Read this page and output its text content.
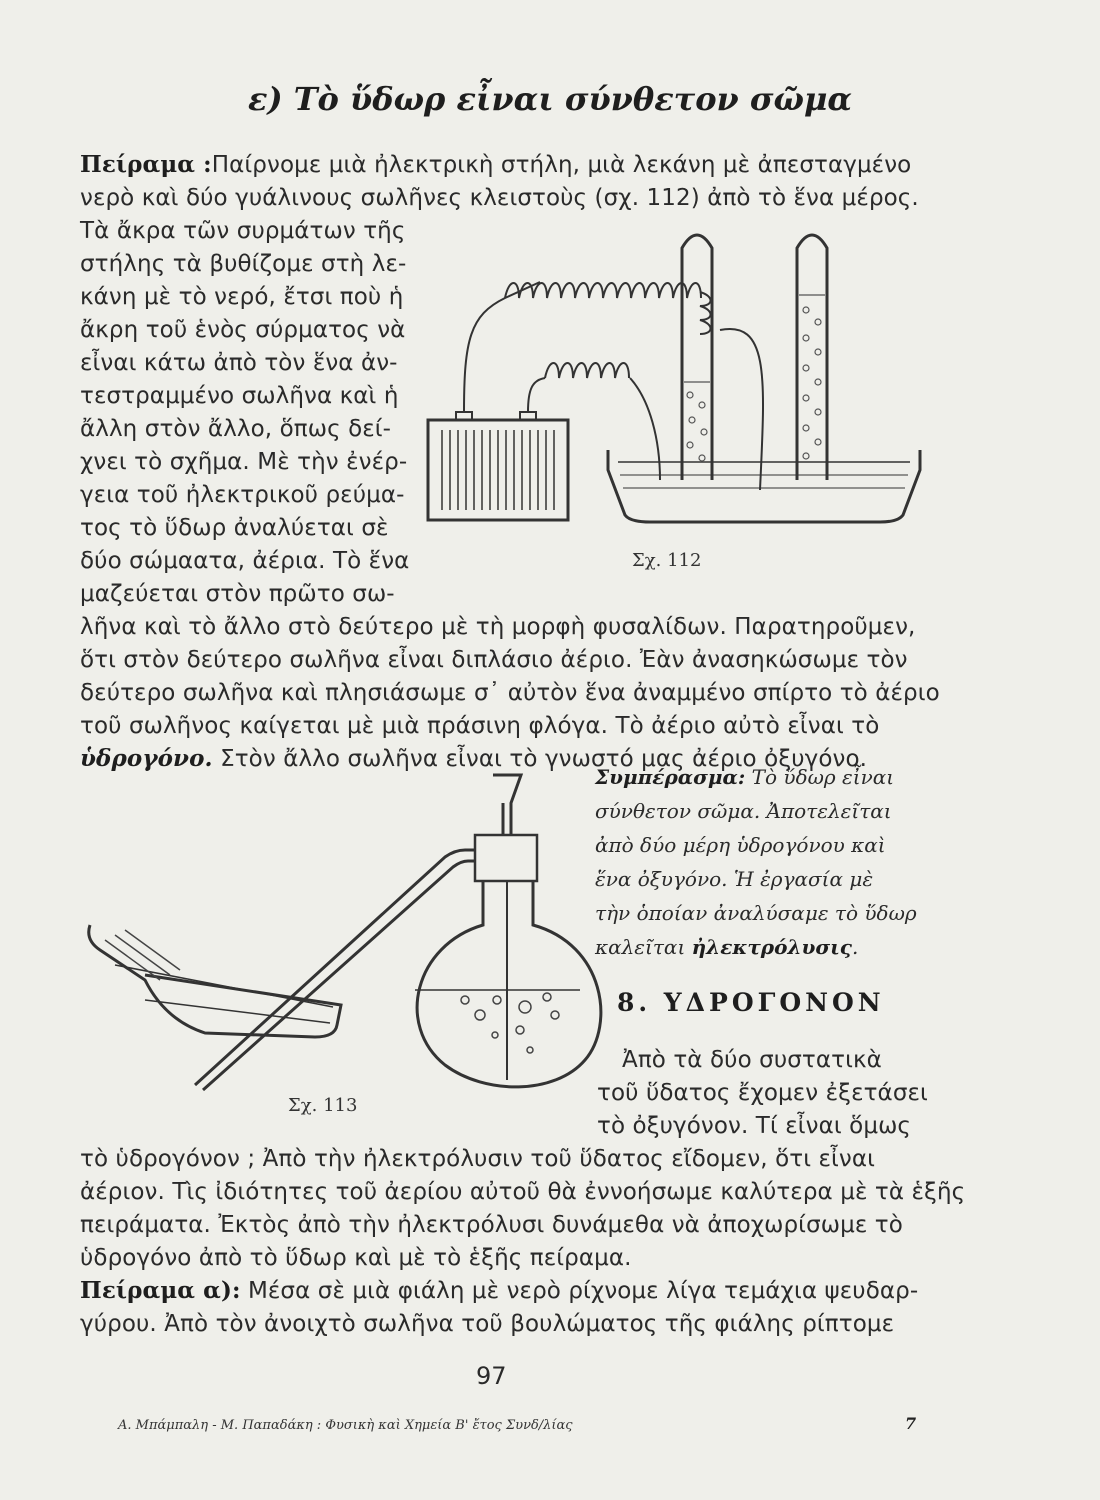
ε) Τὸ ὕδωρ εἶναι σύνθετον σῶμα
Πείραμα :Παίρνομε μιὰ ἠλεκτρικὴ στήλη, μιὰ λεκάνη μὲ ἀπεσταγμένο
νερὸ καὶ δύο γυάλινους σωλῆνες κλειστοὺς (σχ. 112) ἀπὸ τὸ ἕνα μέρος.
Τὰ ἄκρα τῶν συρμάτων τῆς
στήλης τὰ βυθίζομε στὴ λε-
κάνη μὲ τὸ νερό, ἔτσι ποὺ ἡ
ἄκρη τοῦ ἑνὸς σύρματος νὰ
εἶναι κάτω ἀπὸ τὸν ἕνα ἀν-
τεστραμμένο σωλῆνα καὶ ἡ
ἄλλη στὸν ἄλλο, ὅπως δεί-
χνει τὸ σχῆμα. Μὲ τὴν ἐνέρ-
γεια τοῦ ἠλεκτρικοῦ ρεύμα-
τος τὸ ὕδωρ ἀναλύεται σὲ
δύο σώμαατα, ἀέρια. Τὸ ἕνα
μαζεύεται στὸν πρῶτο σω-
λῆνα καὶ τὸ ἄλλο στὸ δεύτερο μὲ τὴ μορφὴ φυσαλίδων. Παρατηροῦμεν,
ὅτι στὸν δεύτερο σωλῆνα εἶναι διπλάσιο ἀέριο. Ἐὰν ἀνασηκώσωμε τὸν
δεύτερο σωλῆνα καὶ πλησιάσωμε σ᾿ αὐτὸν ἕνα ἀναμμένο σπίρτο τὸ ἀέριο
τοῦ σωλῆνος καίγεται μὲ μιὰ πράσινη φλόγα. Τὸ ἀέριο αὐτὸ εἶναι τὸ
ὑδρογόνο. Στὸν ἄλλο σωλῆνα εἶναι τὸ γνωστό μας ἀέριο ὀξυγόνο.
Σχ. 112
Σχ. 113
Συμπέρασμα: Τὸ ὕδωρ εἶναι
σύνθετον σῶμα. Ἀποτελεῖται
ἀπὸ δύο μέρη ὑδρογόνου καὶ
ἕνα ὀξυγόνο. Ἡ ἐργασία μὲ
τὴν ὁποίαν ἀναλύσαμε τὸ ὕδωρ
καλεῖται ἠλεκτρόλυσις.
8. ΥΔΡΟΓΟΝΟΝ
Ἀπὸ τὰ δύο συστατικὰ
τοῦ ὕδατος ἔχομεν ἐξετάσει
τὸ ὀξυγόνον. Τί εἶναι ὅμως
τὸ ὑδρογόνον ; Ἀπὸ τὴν ἠλεκτρόλυσιν τοῦ ὕδατος εἴδομεν, ὅτι εἶναι
ἀέριον. Τὶς ἰδιότητες τοῦ ἀερίου αὐτοῦ θὰ ἐννοήσωμε καλύτερα μὲ τὰ ἑξῆς
πειράματα. Ἐκτὸς ἀπὸ τὴν ἠλεκτρόλυσι δυνάμεθα νὰ ἀποχωρίσωμε τὸ
ὑδρογόνο ἀπὸ τὸ ὕδωρ καὶ μὲ τὸ ἑξῆς πείραμα.
Πείραμα α): Μέσα σὲ μιὰ φιάλη μὲ νερὸ ρίχνομε λίγα τεμάχια ψευδαρ-
γύρου. Ἀπὸ τὸν ἀνοιχτὸ σωλῆνα τοῦ βουλώματος τῆς φιάλης ρίπτομε
97
Α. Μπάμπαλη - Μ. Παπαδάκη : Φυσικὴ καὶ Χημεία Β' ἔτος Συνδ/λίας	7
